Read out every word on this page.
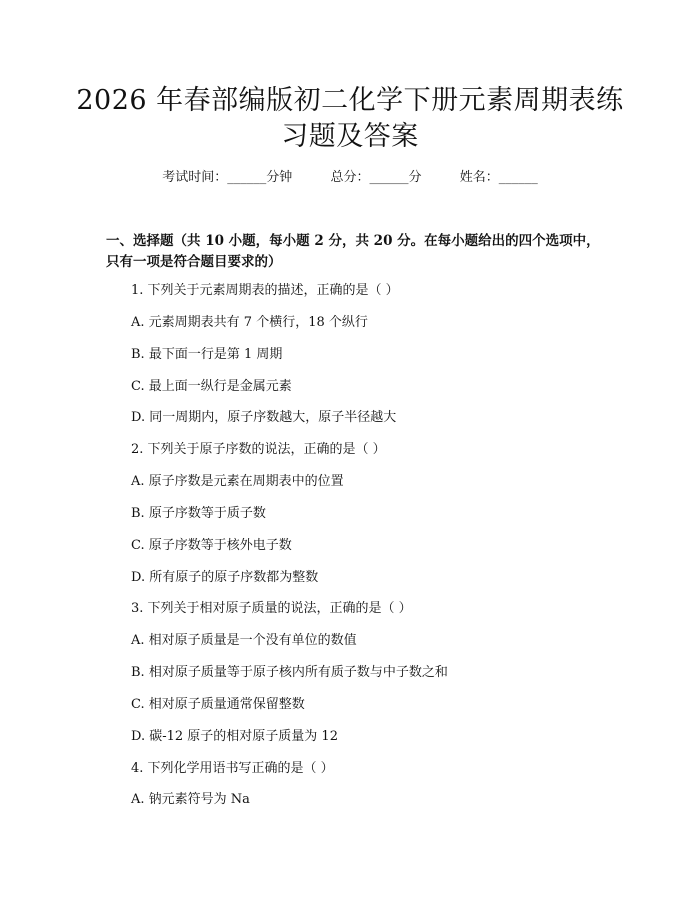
2026 年春部编版初二化学下册元素周期表练
习题及答案
考试时间：______分钟	总分：______分	姓名：______

一、选择题（共 10 小题，每小题 2 分，共 20 分。在每小题给出的四个选项中，

只有一项是符合题目要求的）

1. 下列关于元素周期表的描述，正确的是（ ）
A. 元素周期表共有 7 个横行，18 个纵行
B. 最下面一行是第 1 周期
C. 最上面一纵行是金属元素
D. 同一周期内，原子序数越大，原子半径越大
2. 下列关于原子序数的说法，正确的是（ ）
A. 原子序数是元素在周期表中的位置
B. 原子序数等于质子数
C. 原子序数等于核外电子数
D. 所有原子的原子序数都为整数
3. 下列关于相对原子质量的说法，正确的是（ ）
A. 相对原子质量是一个没有单位的数值
B. 相对原子质量等于原子核内所有质子数与中子数之和
C. 相对原子质量通常保留整数
D. 碳-12 原子的相对原子质量为 12
4. 下列化学用语书写正确的是（ ）
A. 钠元素符号为 Na
